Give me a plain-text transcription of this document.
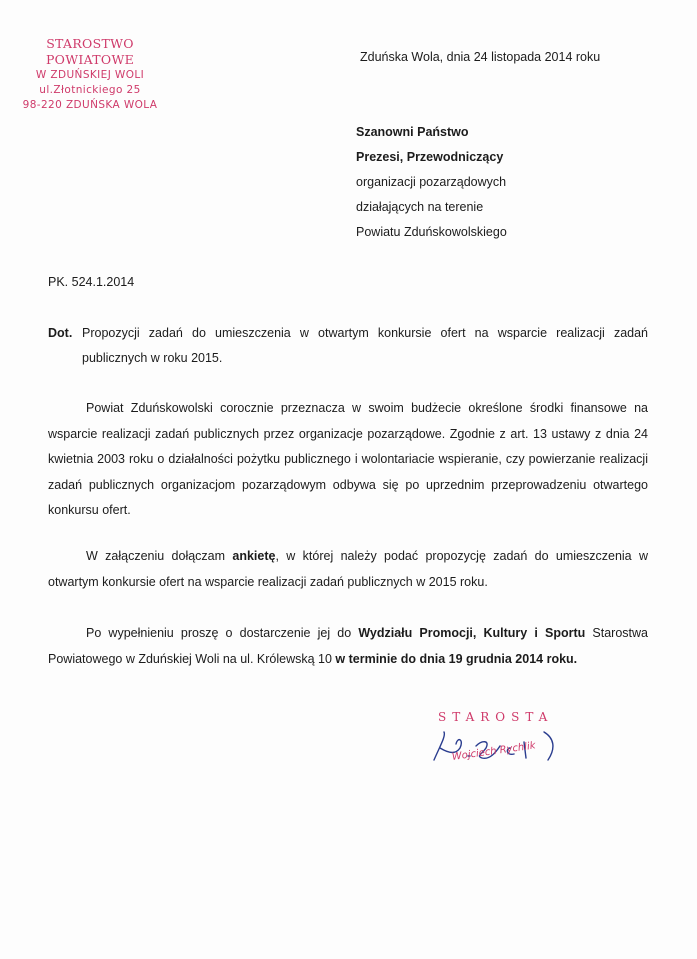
STAROSTWO POWIATOWE
W ZDUŃSKIEJ WOLI
ul.Złotnickiego 25
98-220 ZDUŃSKA WOLA
Zduńska Wola, dnia 24 listopada 2014 roku
Szanowni Państwo
Prezesi, Przewodniczący
organizacji pozarządowych
działających na terenie
Powiatu Zduńskowolskiego
PK. 524.1.2014
Dot. Propozycji zadań do umieszczenia w otwartym konkursie ofert na wsparcie realizacji zadań publicznych w roku 2015.
Powiat Zduńskowolski corocznie przeznacza w swoim budżecie określone środki finansowe na wsparcie realizacji zadań publicznych przez organizacje pozarządowe. Zgodnie z art. 13 ustawy z dnia 24 kwietnia 2003 roku o działalności pożytku publicznego i wolontariacie wspieranie, czy powierzanie realizacji zadań publicznych organizacjom pozarządowym odbywa się po uprzednim przeprowadzeniu otwartego konkursu ofert.
W załączeniu dołączam ankietę, w której należy podać propozycję zadań do umieszczenia w otwartym konkursie ofert na wsparcie realizacji zadań publicznych w 2015 roku.
Po wypełnieniu proszę o dostarczenie jej do Wydziału Promocji, Kultury i Sportu Starostwa Powiatowego w Zduńskiej Woli na ul. Królewską 10 w terminie do dnia 19 grudnia 2014 roku.
STAROSTA
Wojciech Rychlik
